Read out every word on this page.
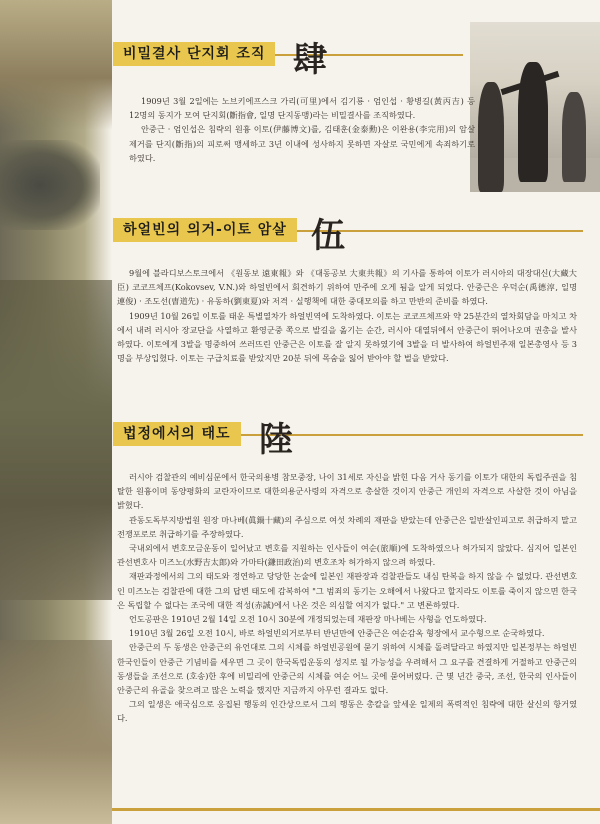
비밀결사 단지회 조직 肆

1909년 3월 2일에는 노브키에프스크 가리(可里)에서 김기룡 · 엄인섭 · 황병길(黃丙吉) 등 12명의 동지가 모여 단지회(斷指會, 일명 단지동맹)라는 비밀결사를 조직하였다.

안중근 · 엄인섭은 침략의 원흉 이토(伊藤博文)를, 김태훈(金泰勳)은 이완용(李完用)의 암살 제거를 단지(斷指)의 피로써 맹세하고 3년 이내에 성사하지 못하면 자살로 국민에게 속죄하기로 하였다.

하얼빈의 의거-이토 암살 伍

9월에 블라디보스토크에서 《원동보 遠東報》와 《대동공보 大東共報》의 기사를 통하여 이토가 러시아의 대장대신(大藏大臣) 코코프체프(Kokovsev, V.N.)와 하얼빈에서 회견하기 위하여 만주에 오게 됨을 알게 되었다. 안중근은 우덕순(禹德淳, 일명 連俊) · 조도선(曺道先) · 유동하(劉東夏)와 저격 · 실행책에 대한 중대모의를 하고 만반의 준비를 하였다.

1909년 10월 26일 이토를 태운 특별열차가 하얼빈역에 도착하였다. 이토는 코코프체프와 약 25분간의 열차회담을 마치고 차에서 내려 러시아 장교단을 사열하고 환영군중 쪽으로 발길을 옮기는 순간, 러시아 대열뒤에서 안중근이 뛰어나오며 권총을 발사하였다. 이토에게 3발을 명중하여 쓰러뜨린 안중근은 이토를 잘 알지 못하였기에 3발을 더 발사하여 하얼빈주재 일본총영사 등 3명을 부상입혔다. 이토는 구급치료를 받았지만 20분 뒤에 목숨을 잃어 받아야 할 벌을 받았다.

법정에서의 태도 陸

러시아 검찰관의 예비심문에서 한국의용병 참모중장, 나이 31세로 자신을 밝힌 다음 거사 동기를 이토가 대한의 독립주권을 침탈한 원흉이며 동양평화의 교란자이므로 대한의용군사령의 자격으로 총살한 것이지 안중근 개인의 자격으로 사살한 것이 아님을 밝혔다.

관동도독부지방법원 원장 마나베(眞鍋十藏)의 주심으로 여섯 차례의 재판을 받았는데 안중근은 일반살인피고로 취급하지 말고 전쟁포로로 취급하기를 주장하였다.

국내외에서 변호모금운동이 일어났고 변호를 지원하는 인사들이 여순(旅順)에 도착하였으나 허가되지 않았다. 심지어 일본인 관선변호사 미즈노(水野吉太郎)와 가마타(鎌田政治)의 변호조차 허가하지 않으려 하였다.

재판과정에서의 그의 태도와 정연하고 당당한 논술에 일본인 재판장과 검찰관들도 내심 탄복을 하지 않을 수 없었다. 관선변호인 미즈노는 검찰관에 대한 그의 답변 태도에 감복하여 "그 범죄의 동기는 오해에서 나왔다고 할지라도 이토를 죽이지 않으면 한국은 독립할 수 없다는 조국에 대한 적성(赤誠)에서 나온 것은 의심할 여지가 없다." 고 변론하였다.

언도공판은 1910년 2월 14일 오전 10시 30분에 개정되었는데 재판장 마나베는 사형을 언도하였다.

1910년 3월 26일 오전 10시, 바로 하얼빈의거로부터 반년만에 안중근은 여순감옥 형장에서 교수형으로 순국하였다.

안중근의 두 동생은 안중근의 유언대로 그의 시체를 하얼빈공원에 묻기 위하여 시체를 돌려달라고 하였지만 일본정부는 하얼빈 한국인들이 안중근 기념비를 세우면 그 곳이 한국독립운동의 성지로 될 가능성을 우려해서 그 요구를 견결하게 거절하고 안중근의 동생들을 조선으로 (호송)한 후에 비밀리에 안중근의 시체를 여순 어느 곳에 묻어버렸다. 근 몇 년간 중국, 조선, 한국의 인사들이 안중근의 유골을 찾으려고 많은 노력을 했지만 지금까지 아무런 결과도 없다.

그의 일생은 애국심으로 응집된 행동의 인간상으로서 그의 행동은 총칼을 앞세운 일제의 폭력적인 침략에 대한 살신의 항거였다.
